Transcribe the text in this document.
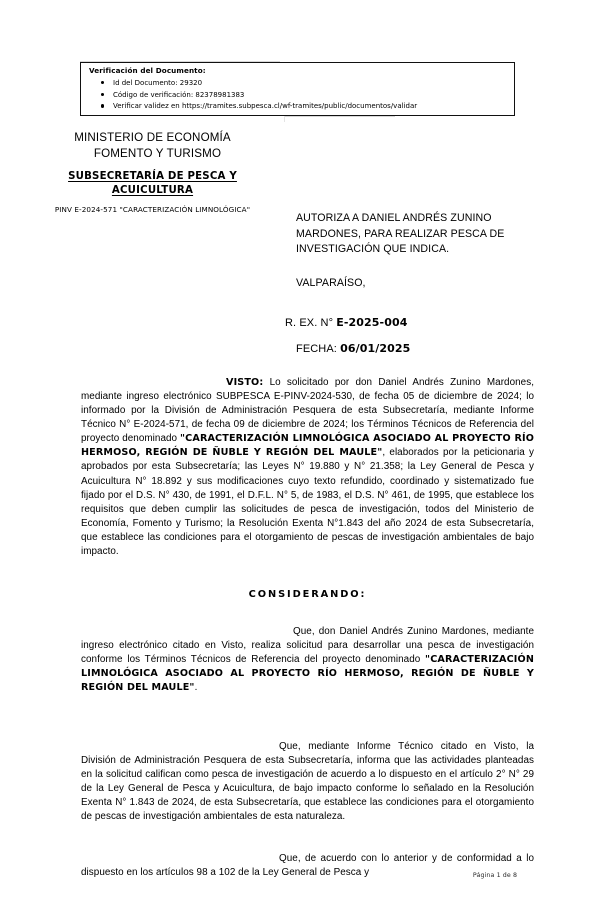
Verificación del Documento:
Id del Documento: 29320
Código de verificación: 82378981383
Verificar validez en https://tramites.subpesca.cl/wf-tramites/public/documentos/validar
MINISTERIO DE ECONOMÍA
FOMENTO Y TURISMO
SUBSECRETARÍA DE PESCA Y
ACUICULTURA
PINV E-2024-571 "CARACTERIZACIÓN LIMNOLÓGICA"
AUTORIZA A DANIEL ANDRÉS ZUNINO MARDONES, PARA REALIZAR PESCA DE INVESTIGACIÓN QUE INDICA.
VALPARAÍSO,
R. EX. N° E-2025-004
FECHA: 06/01/2025

VISTO: Lo solicitado por don Daniel Andrés Zunino Mardones, mediante ingreso electrónico SUBPESCA E-PINV-2024-530, de fecha 05 de diciembre de 2024; lo informado por la División de Administración Pesquera de esta Subsecretaría, mediante Informe Técnico N° E-2024-571, de fecha 09 de diciembre de 2024; los Términos Técnicos de Referencia del proyecto denominado "CARACTERIZACIÓN LIMNOLÓGICA ASOCIADO AL PROYECTO RÍO HERMOSO, REGIÓN DE ÑUBLE Y REGIÓN DEL MAULE", elaborados por la peticionaria y aprobados por esta Subsecretaría; las Leyes N° 19.880 y N° 21.358; la Ley General de Pesca y Acuicultura N° 18.892 y sus modificaciones cuyo texto refundido, coordinado y sistematizado fue fijado por el D.S. N° 430, de 1991, el D.F.L. N° 5, de 1983, el D.S. N° 461, de 1995, que establece los requisitos que deben cumplir las solicitudes de pesca de investigación, todos del Ministerio de Economía, Fomento y Turismo; la Resolución Exenta N°1.843 del año 2024 de esta Subsecretaría, que establece las condiciones para el otorgamiento de pescas de investigación ambientales de bajo impacto.

CONSIDERANDO:

Que, don Daniel Andrés Zunino Mardones, mediante ingreso electrónico citado en Visto, realiza solicitud para desarrollar una pesca de investigación conforme los Términos Técnicos de Referencia del proyecto denominado "CARACTERIZACIÓN LIMNOLÓGICA ASOCIADO AL PROYECTO RÍO HERMOSO, REGIÓN DE ÑUBLE Y REGIÓN DEL MAULE".

Que, mediante Informe Técnico citado en Visto, la División de Administración Pesquera de esta Subsecretaría, informa que las actividades planteadas en la solicitud califican como pesca de investigación de acuerdo a lo dispuesto en el artículo 2° N° 29 de la Ley General de Pesca y Acuicultura, de bajo impacto conforme lo señalado en la Resolución Exenta N° 1.843 de 2024, de esta Subsecretaría, que establece las condiciones para el otorgamiento de pescas de investigación ambientales de esta naturaleza.

Que, de acuerdo con lo anterior y de conformidad a lo dispuesto en los artículos 98 a 102 de la Ley General de Pesca y	Página 1 de 8
